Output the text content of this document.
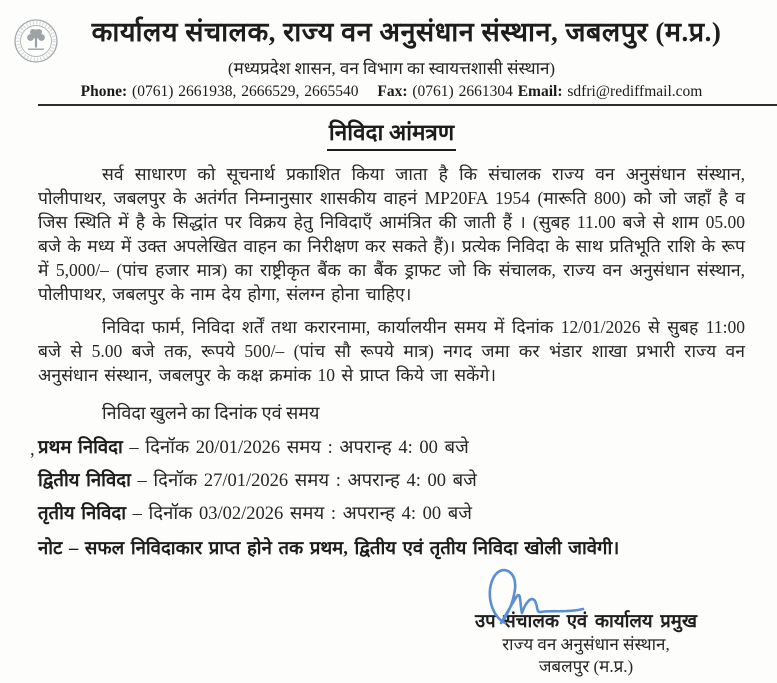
कार्यालय संचालक, राज्य वन अनुसंधान संस्थान, जबलपुर (म.प्र.)
(मध्यप्रदेश शासन, वन विभाग का स्वायत्तशासी संस्थान)
Phone: (0761) 2661938, 2666529, 2665540 Fax: (0761) 2661304 Email: sdfri@rediffmail.com
निविदा आंमत्रण

सर्व साधारण को सूचनार्थ प्रकाशित किया जाता है कि संचालक राज्य वन अनुसंधान संस्थान, पोलीपाथर, जबलपुर के अतंर्गत निम्नानुसार शासकीय वाहनं MP20FA 1954 (मारूति 800) को जो जहाँ है व जिस स्थिति में है के सिद्धांत पर विक्रय हेतु निविदाएँ आमंत्रित की जाती हैं । (सुबह 11.00 बजे से शाम 05.00 बजे के मध्य में उक्त अपलेखित वाहन का निरीक्षण कर सकते हैं)। प्रत्येक निविदा के साथ प्रतिभूति राशि के रूप में 5,000/– (पांच हजार मात्र) का राष्ट्रीकृत बैंक का बैंक ड्राफट जो कि संचालक, राज्य वन अनुसंधान संस्थान, पोलीपाथर, जबलपुर के नाम देय होगा, संलग्न होना चाहिए।

निविदा फार्म, निविदा शर्तें तथा करारनामा, कार्यालयीन समय में दिनांक 12/01/2026 से सुबह 11:00 बजे से 5.00 बजे तक, रूपये 500/– (पांच सौ रूपये मात्र) नगद जमा कर भंडार शाखा प्रभारी राज्य वन अनुसंधान संस्थान, जबलपुर के कक्ष क्रमांक 10 से प्राप्त किये जा सकेंगे।

निविदा खुलने का दिनांक एवं समय

, प्रथम निविदा – दिनॉक 20/01/2026 समय : अपरान्ह 4: 00 बजे
द्वितीय निविदा – दिनॉक 27/01/2026 समय : अपरान्ह 4: 00 बजे
तृतीय निविदा – दिनॉक 03/02/2026 समय : अपरान्ह 4: 00 बजे

नोट – सफल निविदाकार प्राप्त होने तक प्रथम, द्वितीय एवं तृतीय निविदा खोली जावेगी।

उप संचालक एवं कार्यालय प्रमुख
राज्य वन अनुसंधान संस्थान,
जबलपुर (म.प्र.)
